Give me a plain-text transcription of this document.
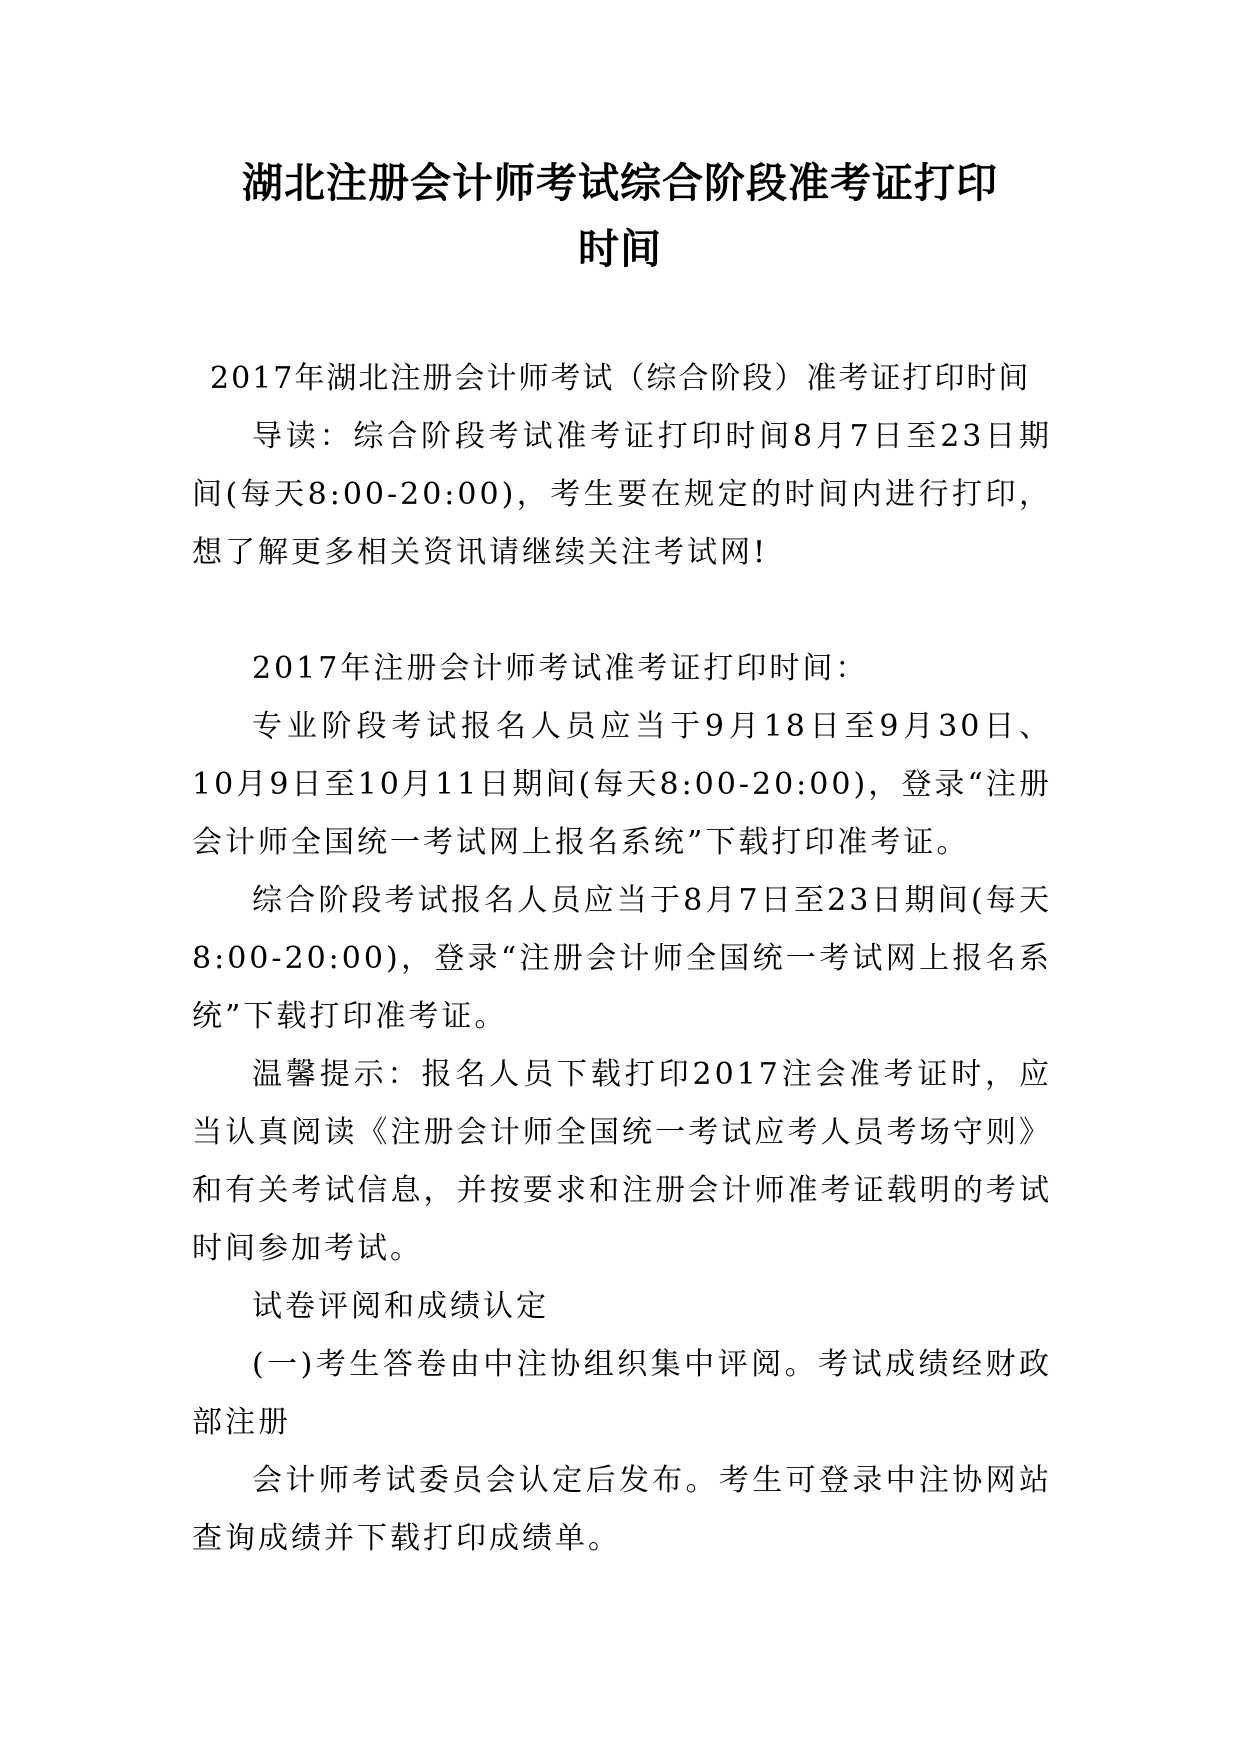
湖北注册会计师考试综合阶段准考证打印
时间

2017年湖北注册会计师考试（综合阶段）准考证打印时间

导读：综合阶段考试准考证打印时间8月7日至23日期间(每天8:00-20:00)，考生要在规定的时间内进行打印，想了解更多相关资讯请继续关注考试网!

2017年注册会计师考试准考证打印时间：

专业阶段考试报名人员应当于9月18日至9月30日、10月9日至10月11日期间(每天8:00-20:00)，登录“注册会计师全国统一考试网上报名系统”下载打印准考证。

综合阶段考试报名人员应当于8月7日至23日期间(每天8:00-20:00)，登录“注册会计师全国统一考试网上报名系统”下载打印准考证。

温馨提示：报名人员下载打印2017注会准考证时，应当认真阅读《注册会计师全国统一考试应考人员考场守则》和有关考试信息，并按要求和注册会计师准考证载明的考试时间参加考试。

试卷评阅和成绩认定

(一)考生答卷由中注协组织集中评阅。考试成绩经财政部注册

会计师考试委员会认定后发布。考生可登录中注协网站查询成绩并下载打印成绩单。
